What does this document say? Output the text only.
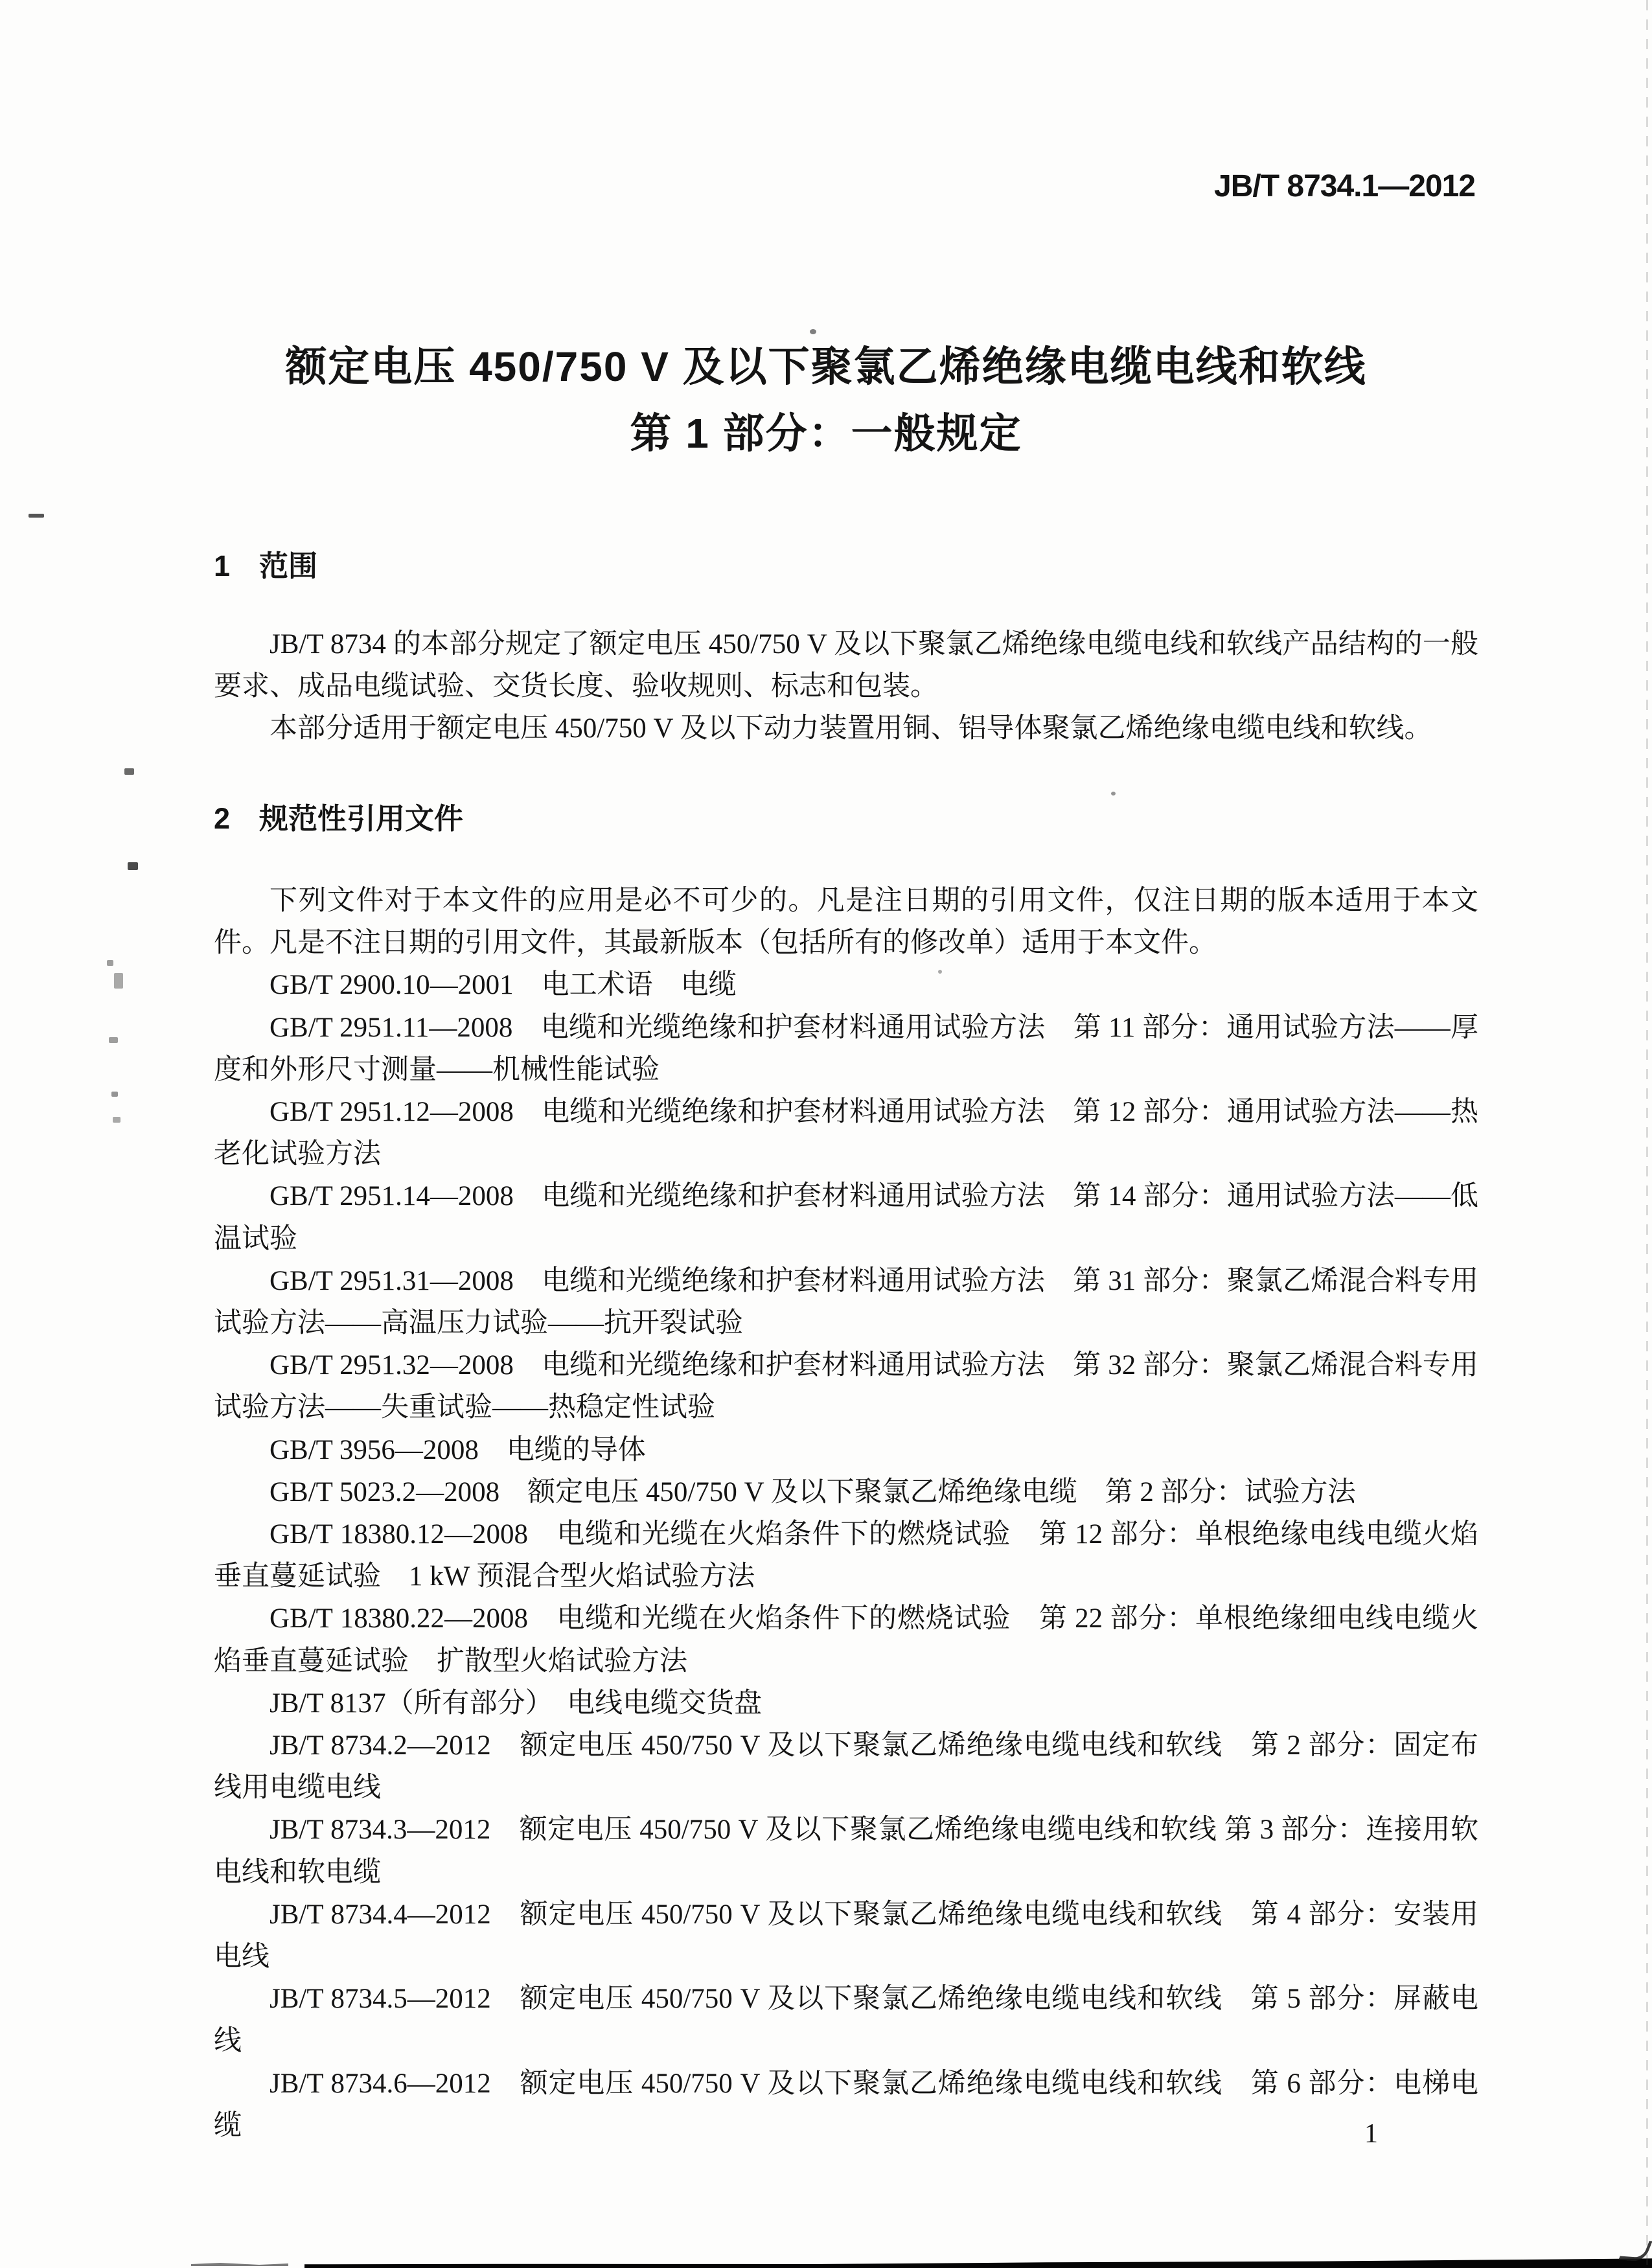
JB/T 8734.1—2012
额定电压 450/750 V 及以下聚氯乙烯绝缘电缆电线和软线
第 1 部分：一般规定
1　范围

JB/T 8734 的本部分规定了额定电压 450/750 V 及以下聚氯乙烯绝缘电缆电线和软线产品结构的一般要求、成品电缆试验、交货长度、验收规则、标志和包装。

本部分适用于额定电压 450/750 V 及以下动力装置用铜、铝导体聚氯乙烯绝缘电缆电线和软线。

2　规范性引用文件

下列文件对于本文件的应用是必不可少的。凡是注日期的引用文件，仅注日期的版本适用于本文件。凡是不注日期的引用文件，其最新版本（包括所有的修改单）适用于本文件。

GB/T 2900.10—2001　电工术语　电缆

GB/T 2951.11—2008　电缆和光缆绝缘和护套材料通用试验方法　第 11 部分：通用试验方法——厚度和外形尺寸测量——机械性能试验

GB/T 2951.12—2008　电缆和光缆绝缘和护套材料通用试验方法　第 12 部分：通用试验方法——热老化试验方法

GB/T 2951.14—2008　电缆和光缆绝缘和护套材料通用试验方法　第 14 部分：通用试验方法——低温试验

GB/T 2951.31—2008　电缆和光缆绝缘和护套材料通用试验方法　第 31 部分：聚氯乙烯混合料专用试验方法——高温压力试验——抗开裂试验

GB/T 2951.32—2008　电缆和光缆绝缘和护套材料通用试验方法　第 32 部分：聚氯乙烯混合料专用试验方法——失重试验——热稳定性试验

GB/T 3956—2008　电缆的导体

GB/T 5023.2—2008　额定电压 450/750 V 及以下聚氯乙烯绝缘电缆　第 2 部分：试验方法

GB/T 18380.12—2008　电缆和光缆在火焰条件下的燃烧试验　第 12 部分：单根绝缘电线电缆火焰垂直蔓延试验　1 kW 预混合型火焰试验方法

GB/T 18380.22—2008　电缆和光缆在火焰条件下的燃烧试验　第 22 部分：单根绝缘细电线电缆火焰垂直蔓延试验　扩散型火焰试验方法

JB/T 8137（所有部分）　电线电缆交货盘

JB/T 8734.2—2012　额定电压 450/750 V 及以下聚氯乙烯绝缘电缆电线和软线　第 2 部分：固定布线用电缆电线

JB/T 8734.3—2012　额定电压 450/750 V 及以下聚氯乙烯绝缘电缆电线和软线 第 3 部分：连接用软电线和软电缆

JB/T 8734.4—2012　额定电压 450/750 V 及以下聚氯乙烯绝缘电缆电线和软线　第 4 部分：安装用电线

JB/T 8734.5—2012　额定电压 450/750 V 及以下聚氯乙烯绝缘电缆电线和软线　第 5 部分：屏蔽电线

JB/T 8734.6—2012　额定电压 450/750 V 及以下聚氯乙烯绝缘电缆电线和软线　第 6 部分：电梯电缆	1
